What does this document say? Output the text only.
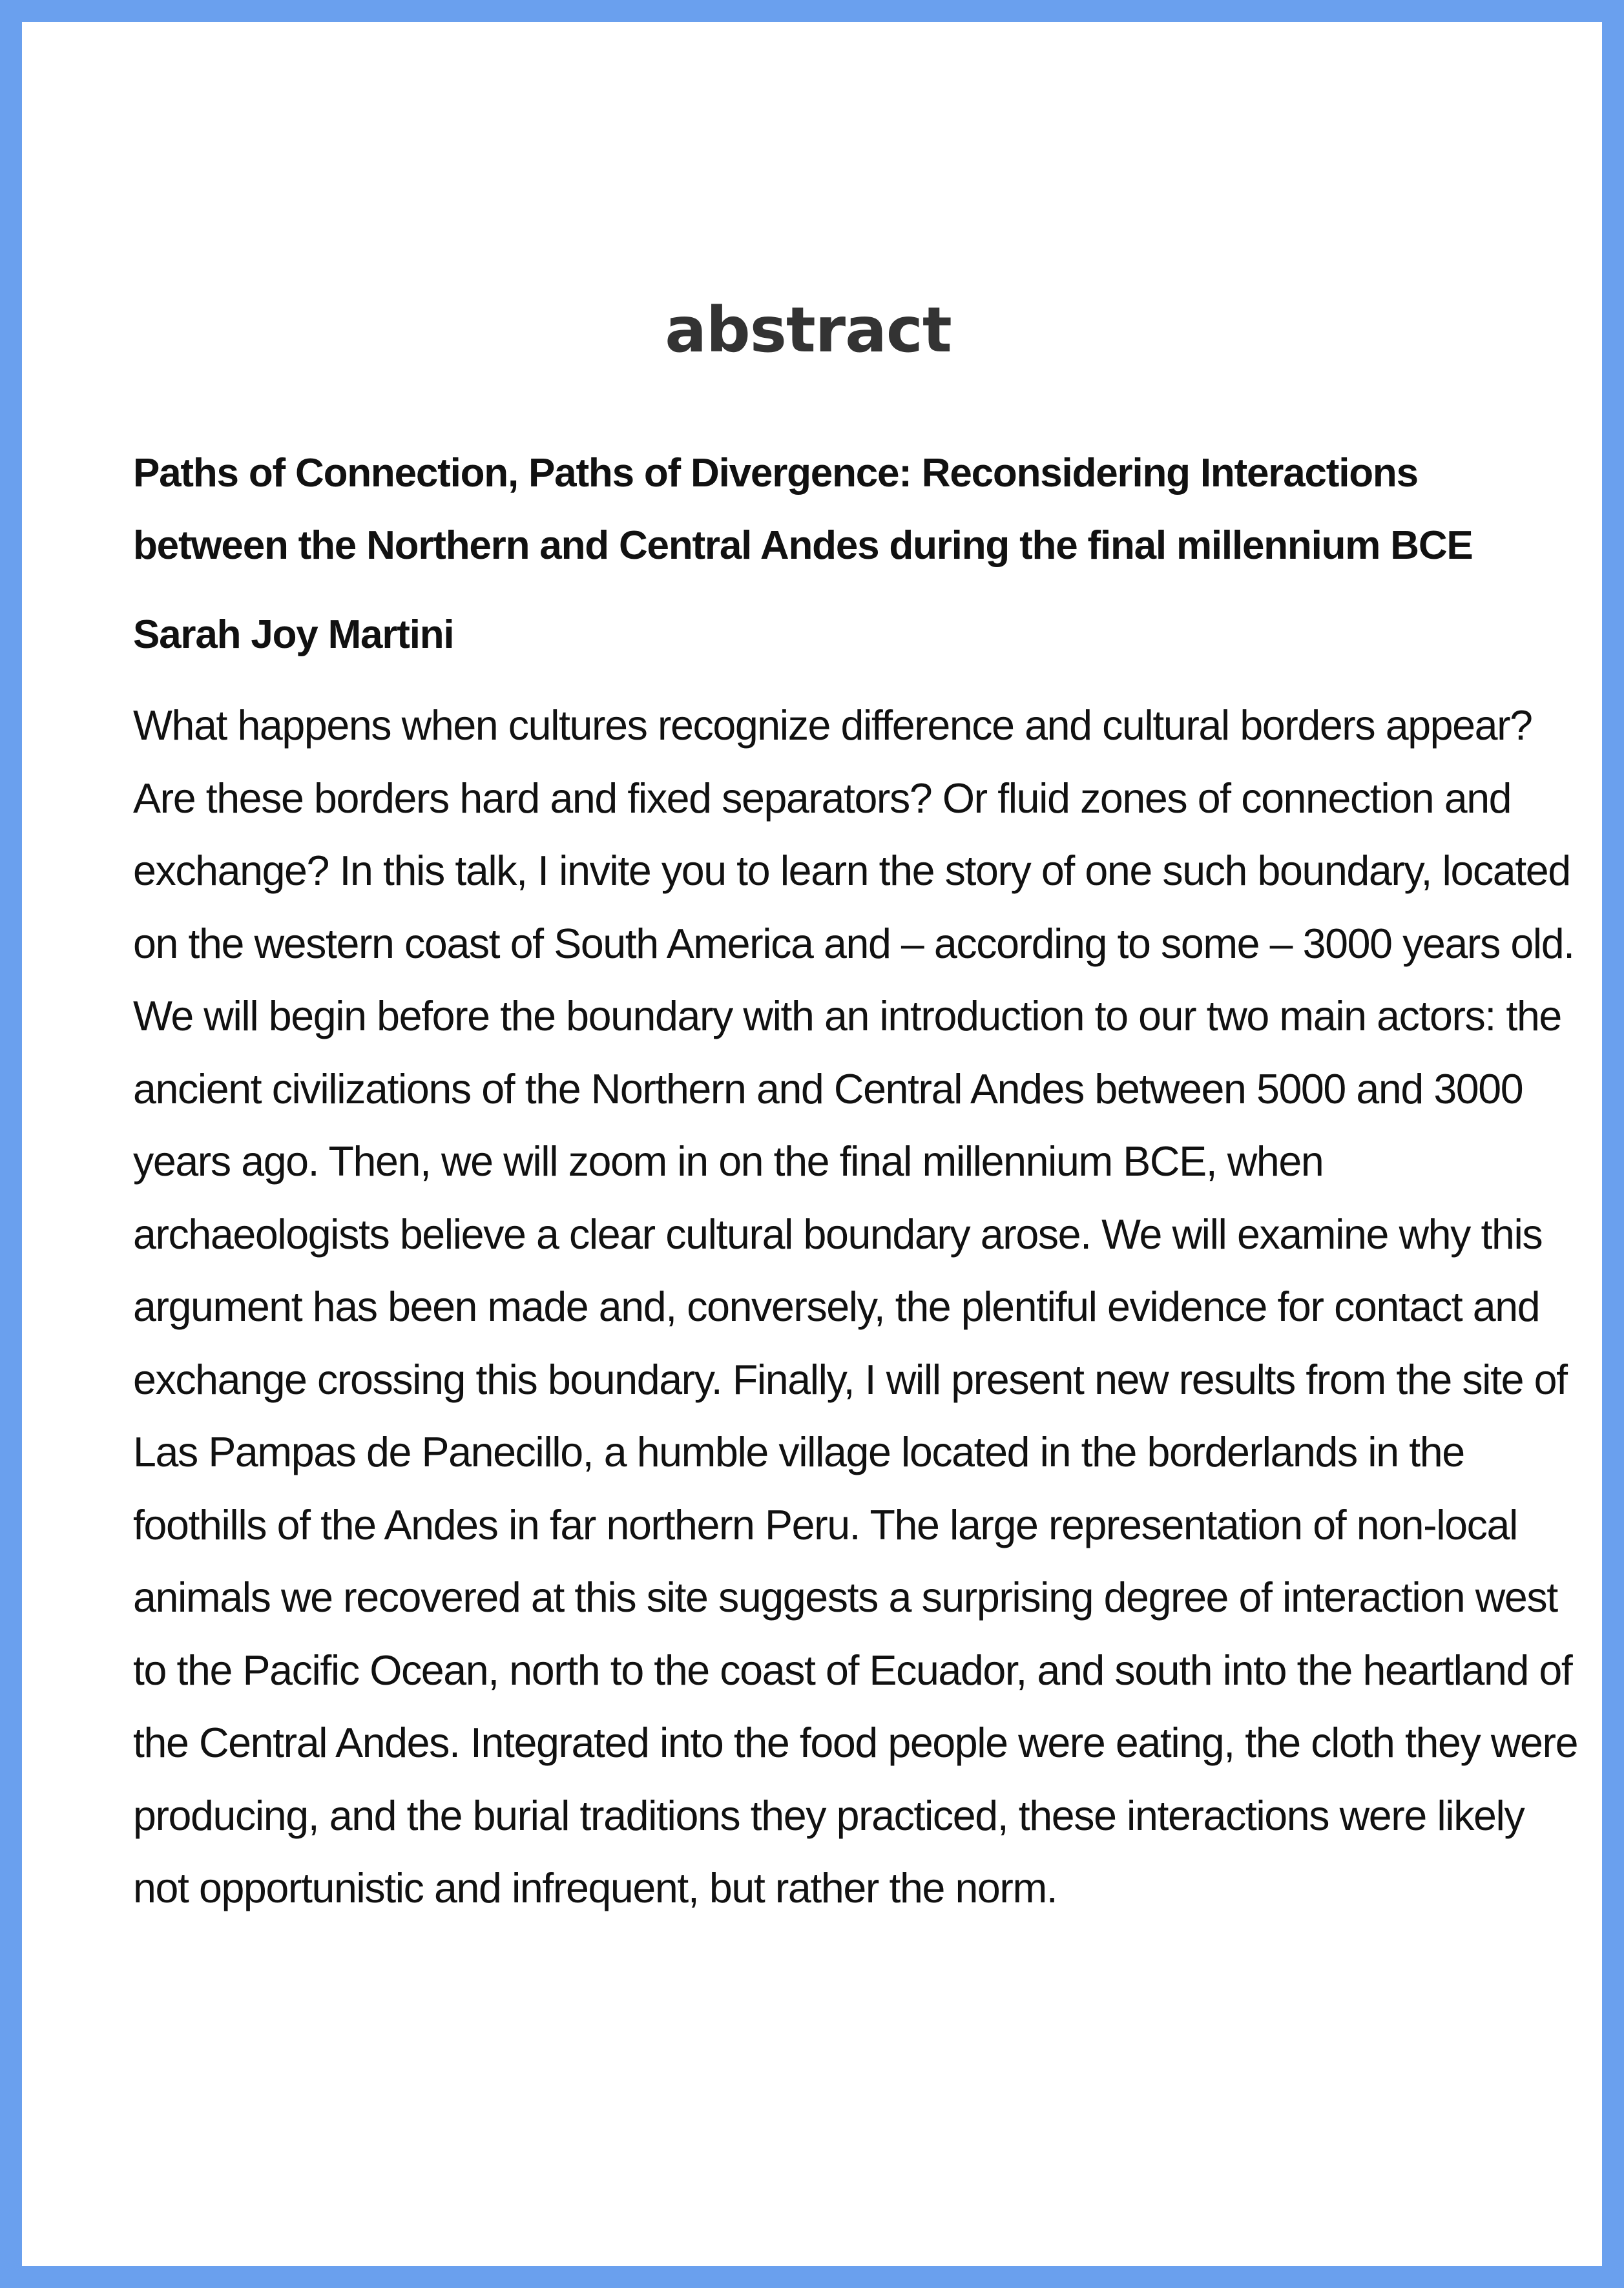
abstract
Paths of Connection, Paths of Divergence: Reconsidering Interactions between the Northern and Central Andes during the final millennium BCE
Sarah Joy Martini

What happens when cultures recognize difference and cultural borders appear? Are these borders hard and fixed separators? Or fluid zones of connection and exchange? In this talk, I invite you to learn the story of one such boundary, located on the western coast of South America and – according to some – 3000 years old. We will begin before the boundary with an introduction to our two main actors: the ancient civilizations of the Northern and Central Andes between 5000 and 3000 years ago. Then, we will zoom in on the final millennium BCE, when archaeologists believe a clear cultural boundary arose. We will examine why this argument has been made and, conversely, the plentiful evidence for contact and exchange crossing this boundary. Finally, I will present new results from the site of Las Pampas de Panecillo, a humble village located in the borderlands in the foothills of the Andes in far northern Peru. The large representation of non-local animals we recovered at this site suggests a surprising degree of interaction west to the Pacific Ocean, north to the coast of Ecuador, and south into the heartland of the Central Andes. Integrated into the food people were eating, the cloth they were producing, and the burial traditions they practiced, these interactions were likely not opportunistic and infrequent, but rather the norm.
